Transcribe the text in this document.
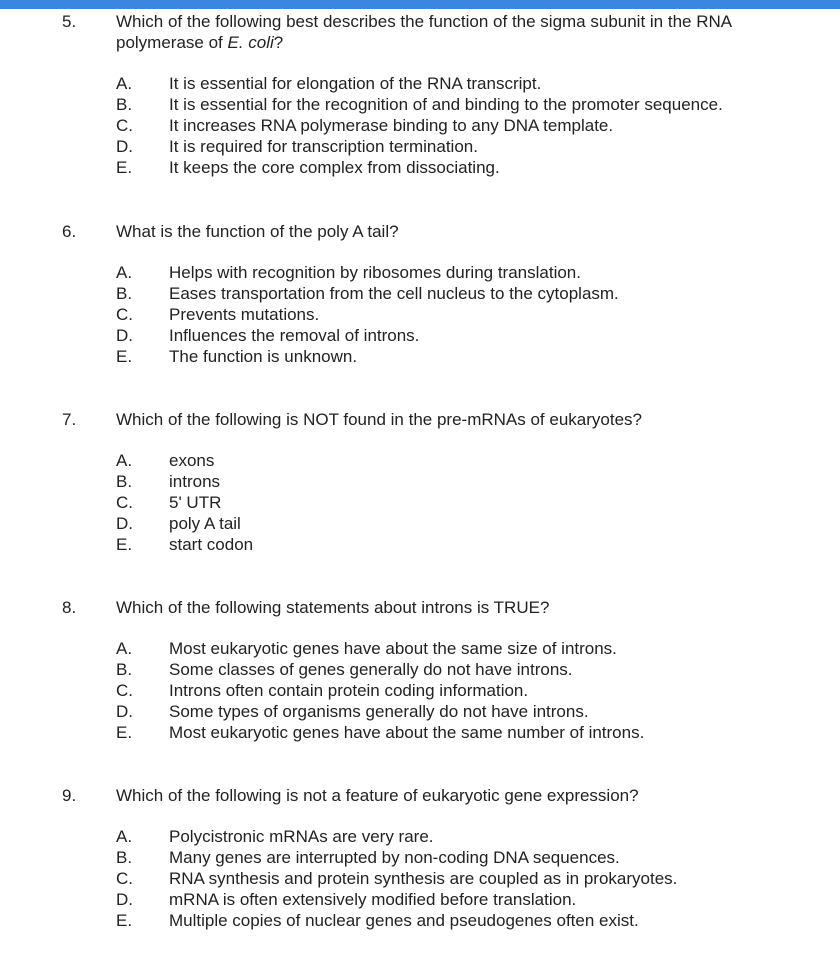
5. Which of the following best describes the function of the sigma subunit in the RNA polymerase of E. coli?
A. It is essential for elongation of the RNA transcript.
B. It is essential for the recognition of and binding to the promoter sequence.
C. It increases RNA polymerase binding to any DNA template.
D. It is required for transcription termination.
E. It keeps the core complex from dissociating.
6. What is the function of the poly A tail?
A. Helps with recognition by ribosomes during translation.
B. Eases transportation from the cell nucleus to the cytoplasm.
C. Prevents mutations.
D. Influences the removal of introns.
E. The function is unknown.
7. Which of the following is NOT found in the pre-mRNAs of eukaryotes?
A. exons
B. introns
C. 5' UTR
D. poly A tail
E. start codon
8. Which of the following statements about introns is TRUE?
A. Most eukaryotic genes have about the same size of introns.
B. Some classes of genes generally do not have introns.
C. Introns often contain protein coding information.
D. Some types of organisms generally do not have introns.
E. Most eukaryotic genes have about the same number of introns.
9. Which of the following is not a feature of eukaryotic gene expression?
A. Polycistronic mRNAs are very rare.
B. Many genes are interrupted by non-coding DNA sequences.
C. RNA synthesis and protein synthesis are coupled as in prokaryotes.
D. mRNA is often extensively modified before translation.
E. Multiple copies of nuclear genes and pseudogenes often exist.
